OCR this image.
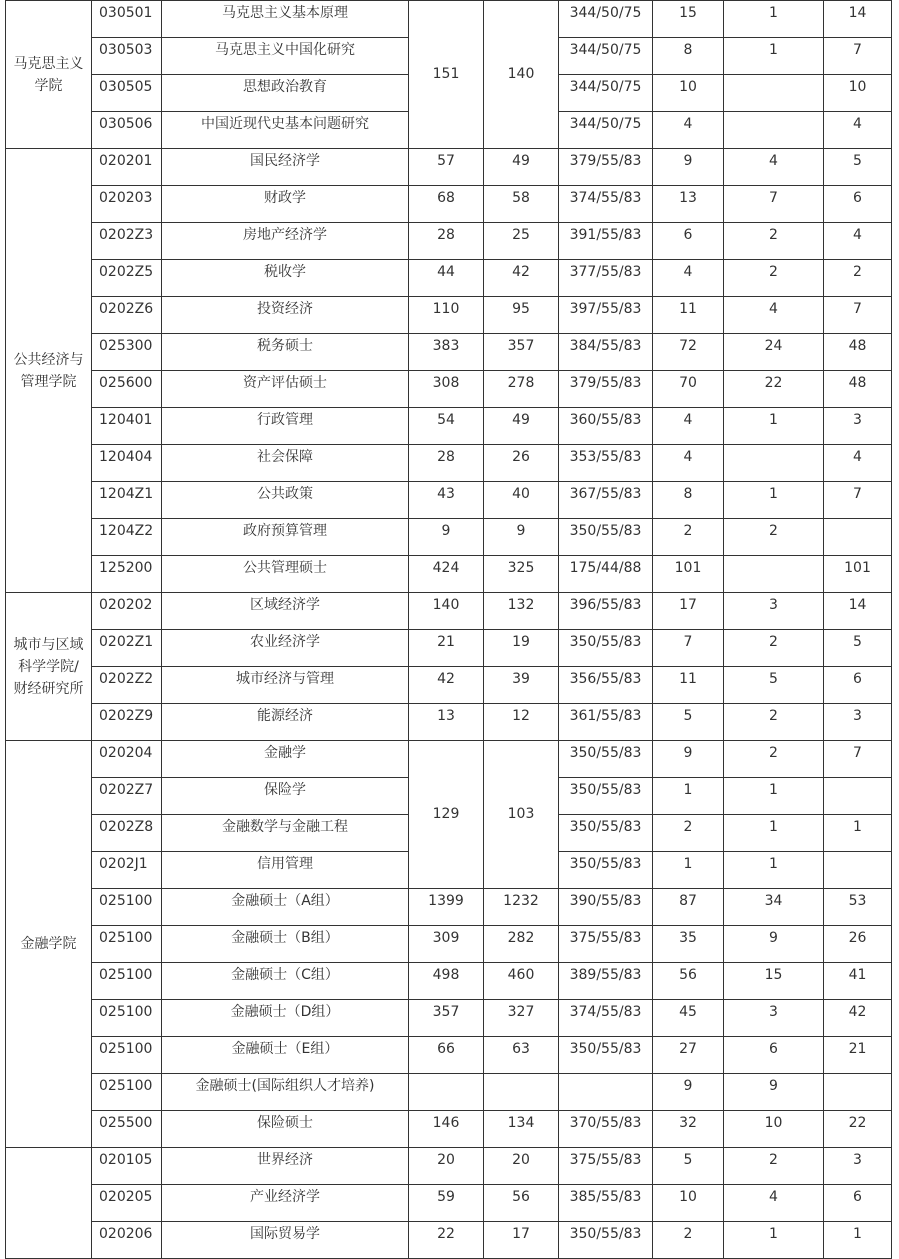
马克思主义学院	030501	马克思主义基本原理	151	140	344/50/75	15	1	14
	030503	马克思主义中国化研究			344/50/75	8	1	7
	030505	思想政治教育			344/50/75	10		10
	030506	中国近现代史基本问题研究			344/50/75	4		4
公共经济与管理学院	020201	国民经济学	57	49	379/55/83	9	4	5
	020203	财政学	68	58	374/55/83	13	7	6
	0202Z3	房地产经济学	28	25	391/55/83	6	2	4
	0202Z5	税收学	44	42	377/55/83	4	2	2
	0202Z6	投资经济	110	95	397/55/83	11	4	7
	025300	税务硕士	383	357	384/55/83	72	24	48
	025600	资产评估硕士	308	278	379/55/83	70	22	48
	120401	行政管理	54	49	360/55/83	4	1	3
	120404	社会保障	28	26	353/55/83	4		4
	1204Z1	公共政策	43	40	367/55/83	8	1	7
	1204Z2	政府预算管理	9	9	350/55/83	2	2	
	125200	公共管理硕士	424	325	175/44/88	101		101
城市与区域科学学院/财经研究所	020202	区域经济学	140	132	396/55/83	17	3	14
	0202Z1	农业经济学	21	19	350/55/83	7	2	5
	0202Z2	城市经济与管理	42	39	356/55/83	11	5	6
	0202Z9	能源经济	13	12	361/55/83	5	2	3
金融学院	020204	金融学	129	103	350/55/83	9	2	7
	0202Z7	保险学			350/55/83	1	1	
	0202Z8	金融数学与金融工程			350/55/83	2	1	1
	0202J1	信用管理			350/55/83	1	1	
	025100	金融硕士（A组）	1399	1232	390/55/83	87	34	53
	025100	金融硕士（B组）	309	282	375/55/83	35	9	26
	025100	金融硕士（C组）	498	460	389/55/83	56	15	41
	025100	金融硕士（D组）	357	327	374/55/83	45	3	42
	025100	金融硕士（E组）	66	63	350/55/83	27	6	21
	025100	金融硕士(国际组织人才培养)				9	9	
	025500	保险硕士	146	134	370/55/83	32	10	22
	020105	世界经济	20	20	375/55/83	5	2	3
	020205	产业经济学	59	56	385/55/83	10	4	6
	020206	国际贸易学	22	17	350/55/83	2	1	1
